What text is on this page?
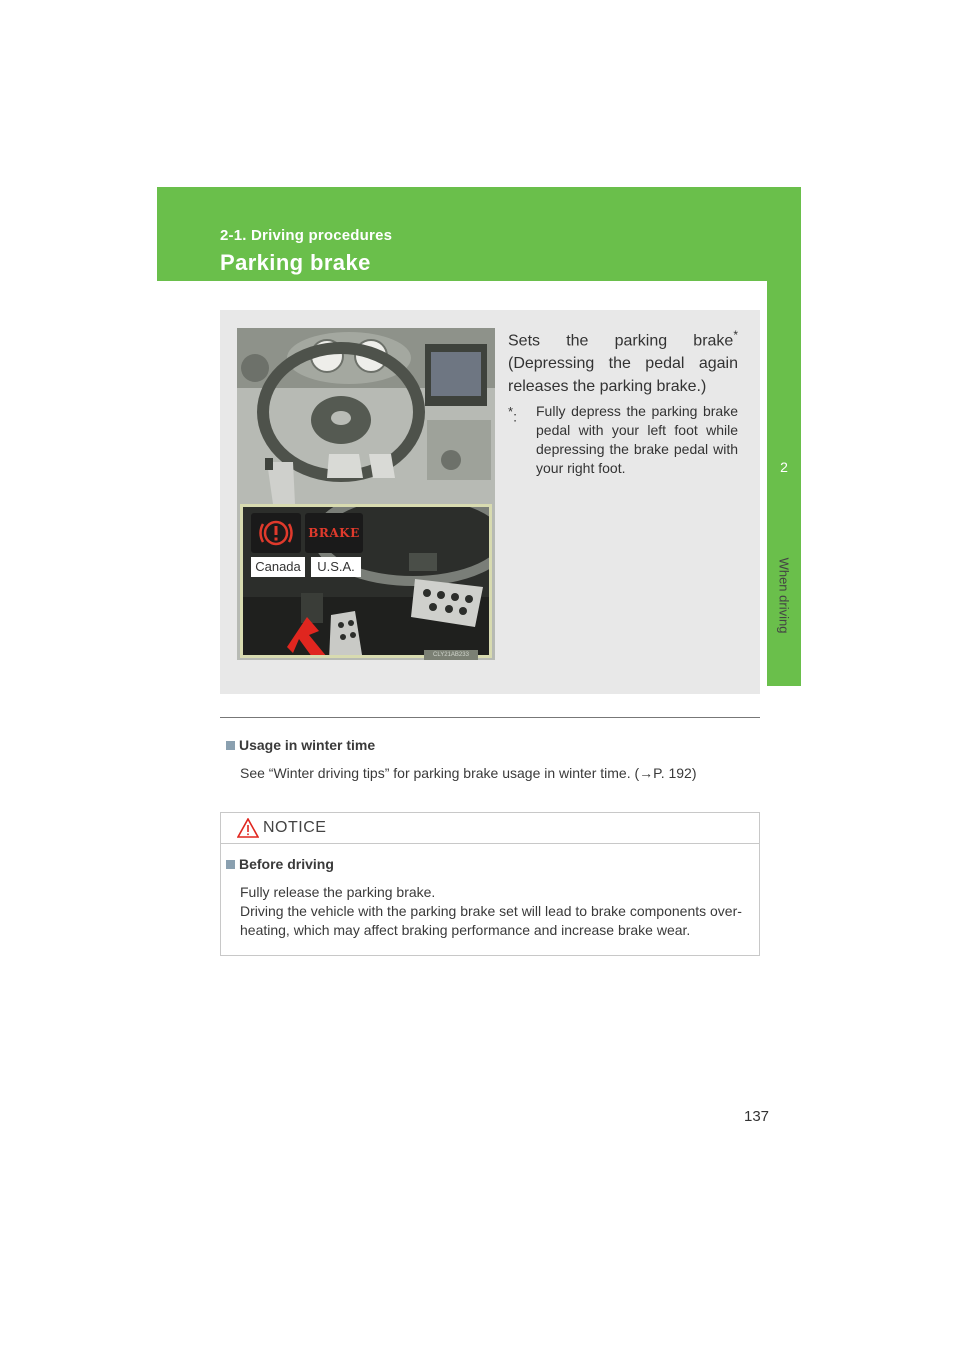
2-1. Driving procedures
Parking brake
2
When driving
BRAKE
Canada	U.S.A.
CLY21AB233
Sets the parking brake* (Depressing the pedal again releases the parking brake.)
*:	Fully depress the parking brake pedal with your left foot while depressing the brake pedal with your right foot.
Usage in winter time
See “Winter driving tips” for parking brake usage in winter time. (→P. 192)
NOTICE
Before driving

Fully release the parking brake.

Driving the vehicle with the parking brake set will lead to brake components over-heating, which may affect braking performance and increase brake wear.

137
